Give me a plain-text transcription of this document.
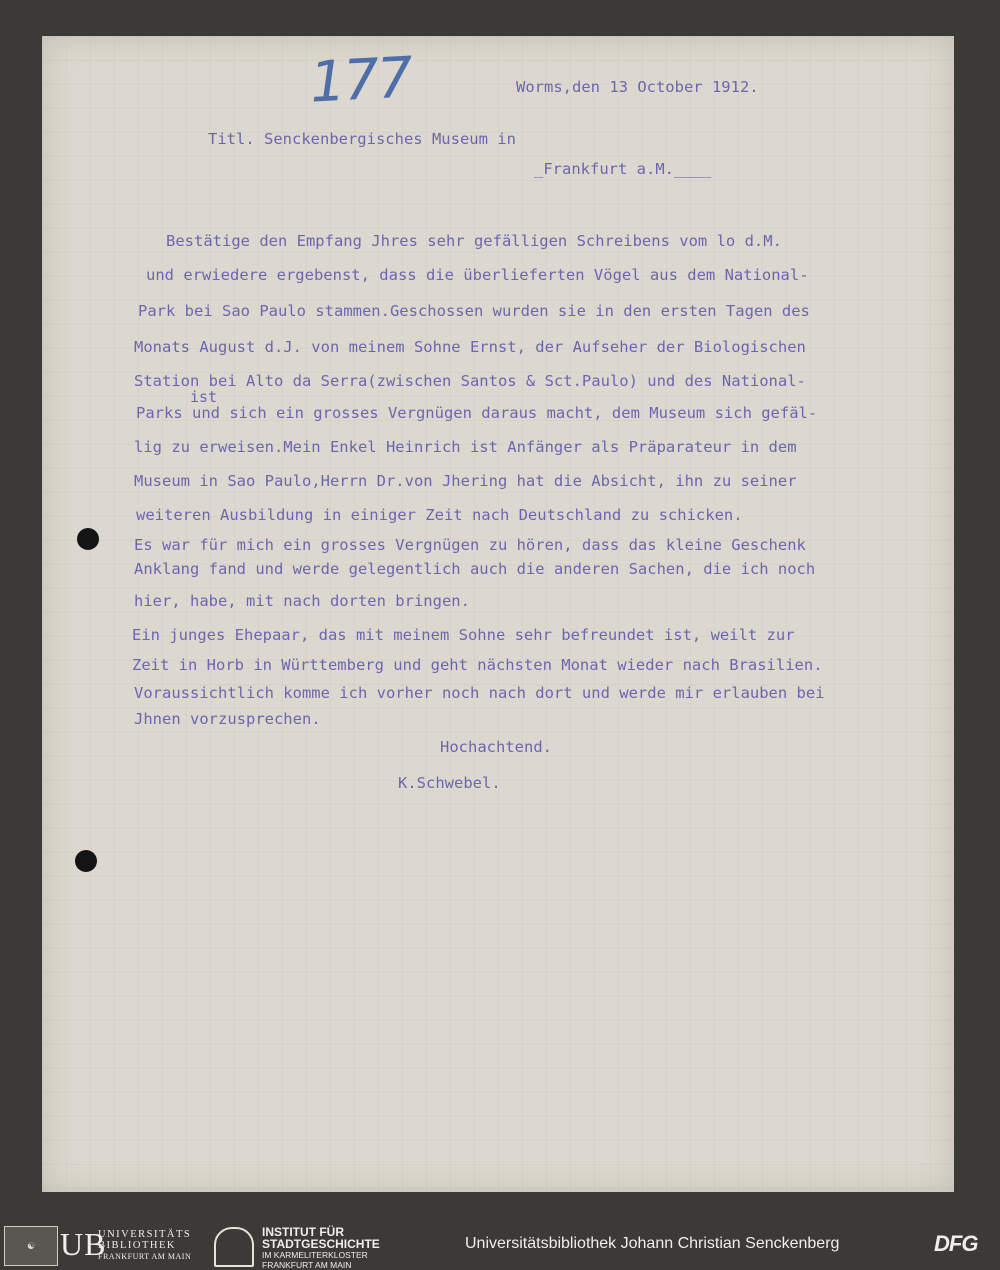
177	Worms,den 13 October 1912.
Titl. Senckenbergisches Museum in
_Frankfurt a.M.____
Bestätige den Empfang Jhres sehr gefälligen Schreibens vom lo d.M.
und erwiedere ergebenst, dass die überlieferten Vögel aus dem National-
Park bei Sao Paulo stammen.Geschossen wurden sie in den ersten Tagen des
Monats August d.J. von meinem Sohne Ernst, der Aufseher der Biologischen
Station bei Alto da Serra(zwischen Santos & Sct.Paulo) und des National-
ist
Parks und sich ein grosses Vergnügen daraus macht, dem Museum sich gefäl-
lig zu erweisen.Mein Enkel Heinrich ist Anfänger als Präparateur in dem
Museum in Sao Paulo,Herrn Dr.von Jhering hat die Absicht, ihn zu seiner
weiteren Ausbildung in einiger Zeit nach Deutschland zu schicken.
Es war für mich ein grosses Vergnügen zu hören, dass das kleine Geschenk
Anklang fand und werde gelegentlich auch die anderen Sachen, die ich noch
hier, habe, mit nach dorten bringen.
Ein junges Ehepaar, das mit meinem Sohne sehr befreundet ist, weilt zur
Zeit in Horb in Württemberg und geht nächsten Monat wieder nach Brasilien.
Voraussichtlich komme ich vorher noch nach dort und werde mir erlauben bei
Jhnen vorzusprechen.
Hochachtend.
K.Schwebel.
☯ UB
UNIVERSITÄTS
BIBLIOTHEK
FRANKFURT AM MAIN
INSTITUT FÜR
STADTGESCHICHTE
IM KARMELITERKLOSTER
FRANKFURT AM MAIN
Universitätsbibliothek Johann Christian Senckenberg	DFG
